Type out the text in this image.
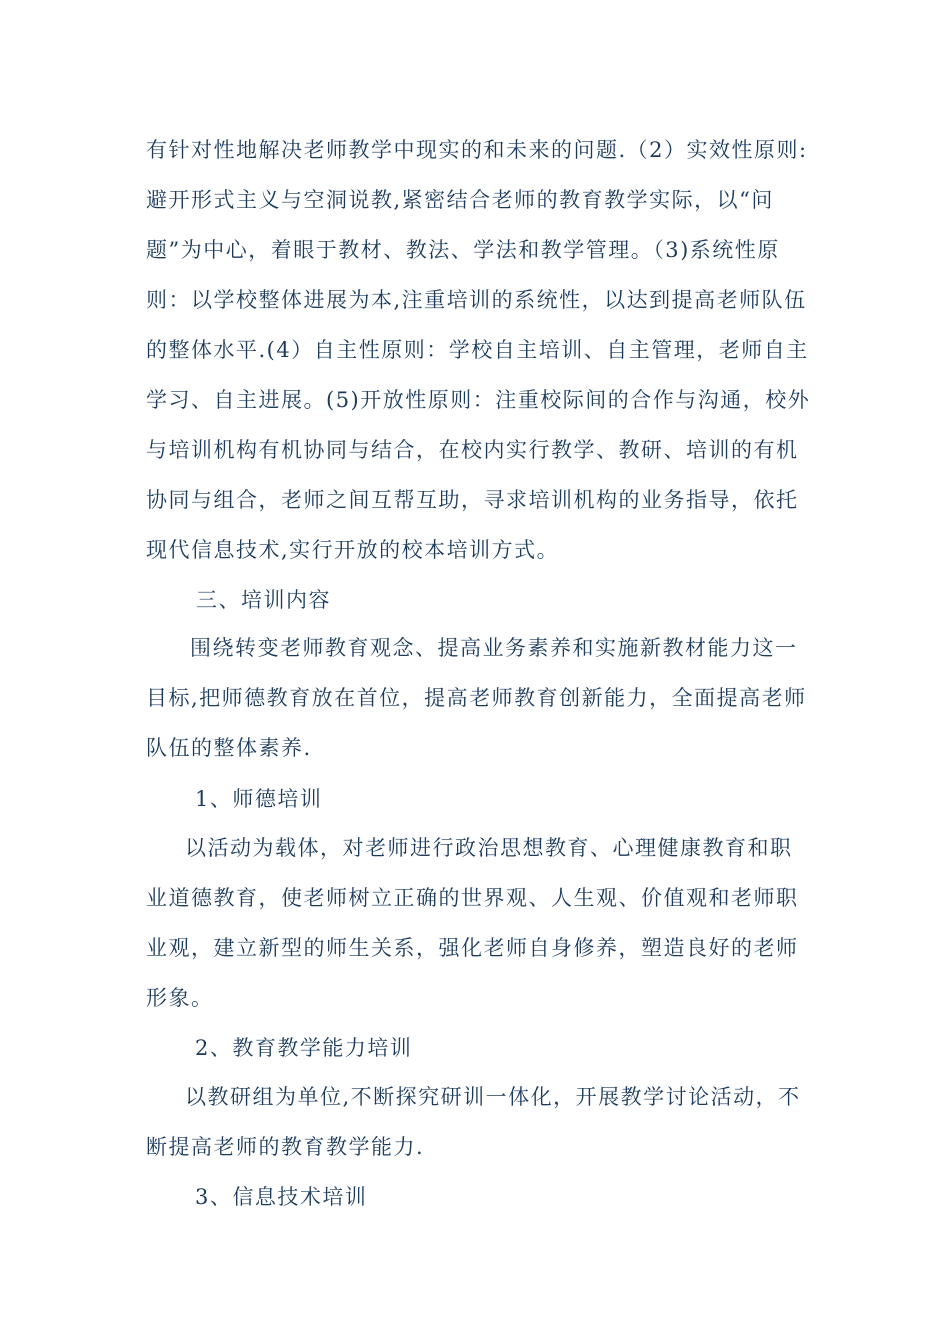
有针对性地解决老师教学中现实的和未来的问题.（2）实效性原则:
避开形式主义与空洞说教,紧密结合老师的教育教学实际，以“问
题”为中心，着眼于教材、教法、学法和教学管理。（3)系统性原
则：以学校整体进展为本,注重培训的系统性，以达到提高老师队伍
的整体水平.(4）自主性原则：学校自主培训、自主管理，老师自主
学习、自主进展。(5)开放性原则：注重校际间的合作与沟通，校外
与培训机构有机协同与结合，在校内实行教学、教研、培训的有机
协同与组合，老师之间互帮互助，寻求培训机构的业务指导，依托
现代信息技术,实行开放的校本培训方式。
三、培训内容
围绕转变老师教育观念、提高业务素养和实施新教材能力这一
目标,把师德教育放在首位，提高老师教育创新能力，全面提高老师
队伍的整体素养.
1、师德培训
以活动为载体，对老师进行政治思想教育、心理健康教育和职
业道德教育，使老师树立正确的世界观、人生观、价值观和老师职
业观，建立新型的师生关系，强化老师自身修养，塑造良好的老师
形象。
2、教育教学能力培训
以教研组为单位,不断探究研训一体化，开展教学讨论活动，不
断提高老师的教育教学能力.
3、信息技术培训
